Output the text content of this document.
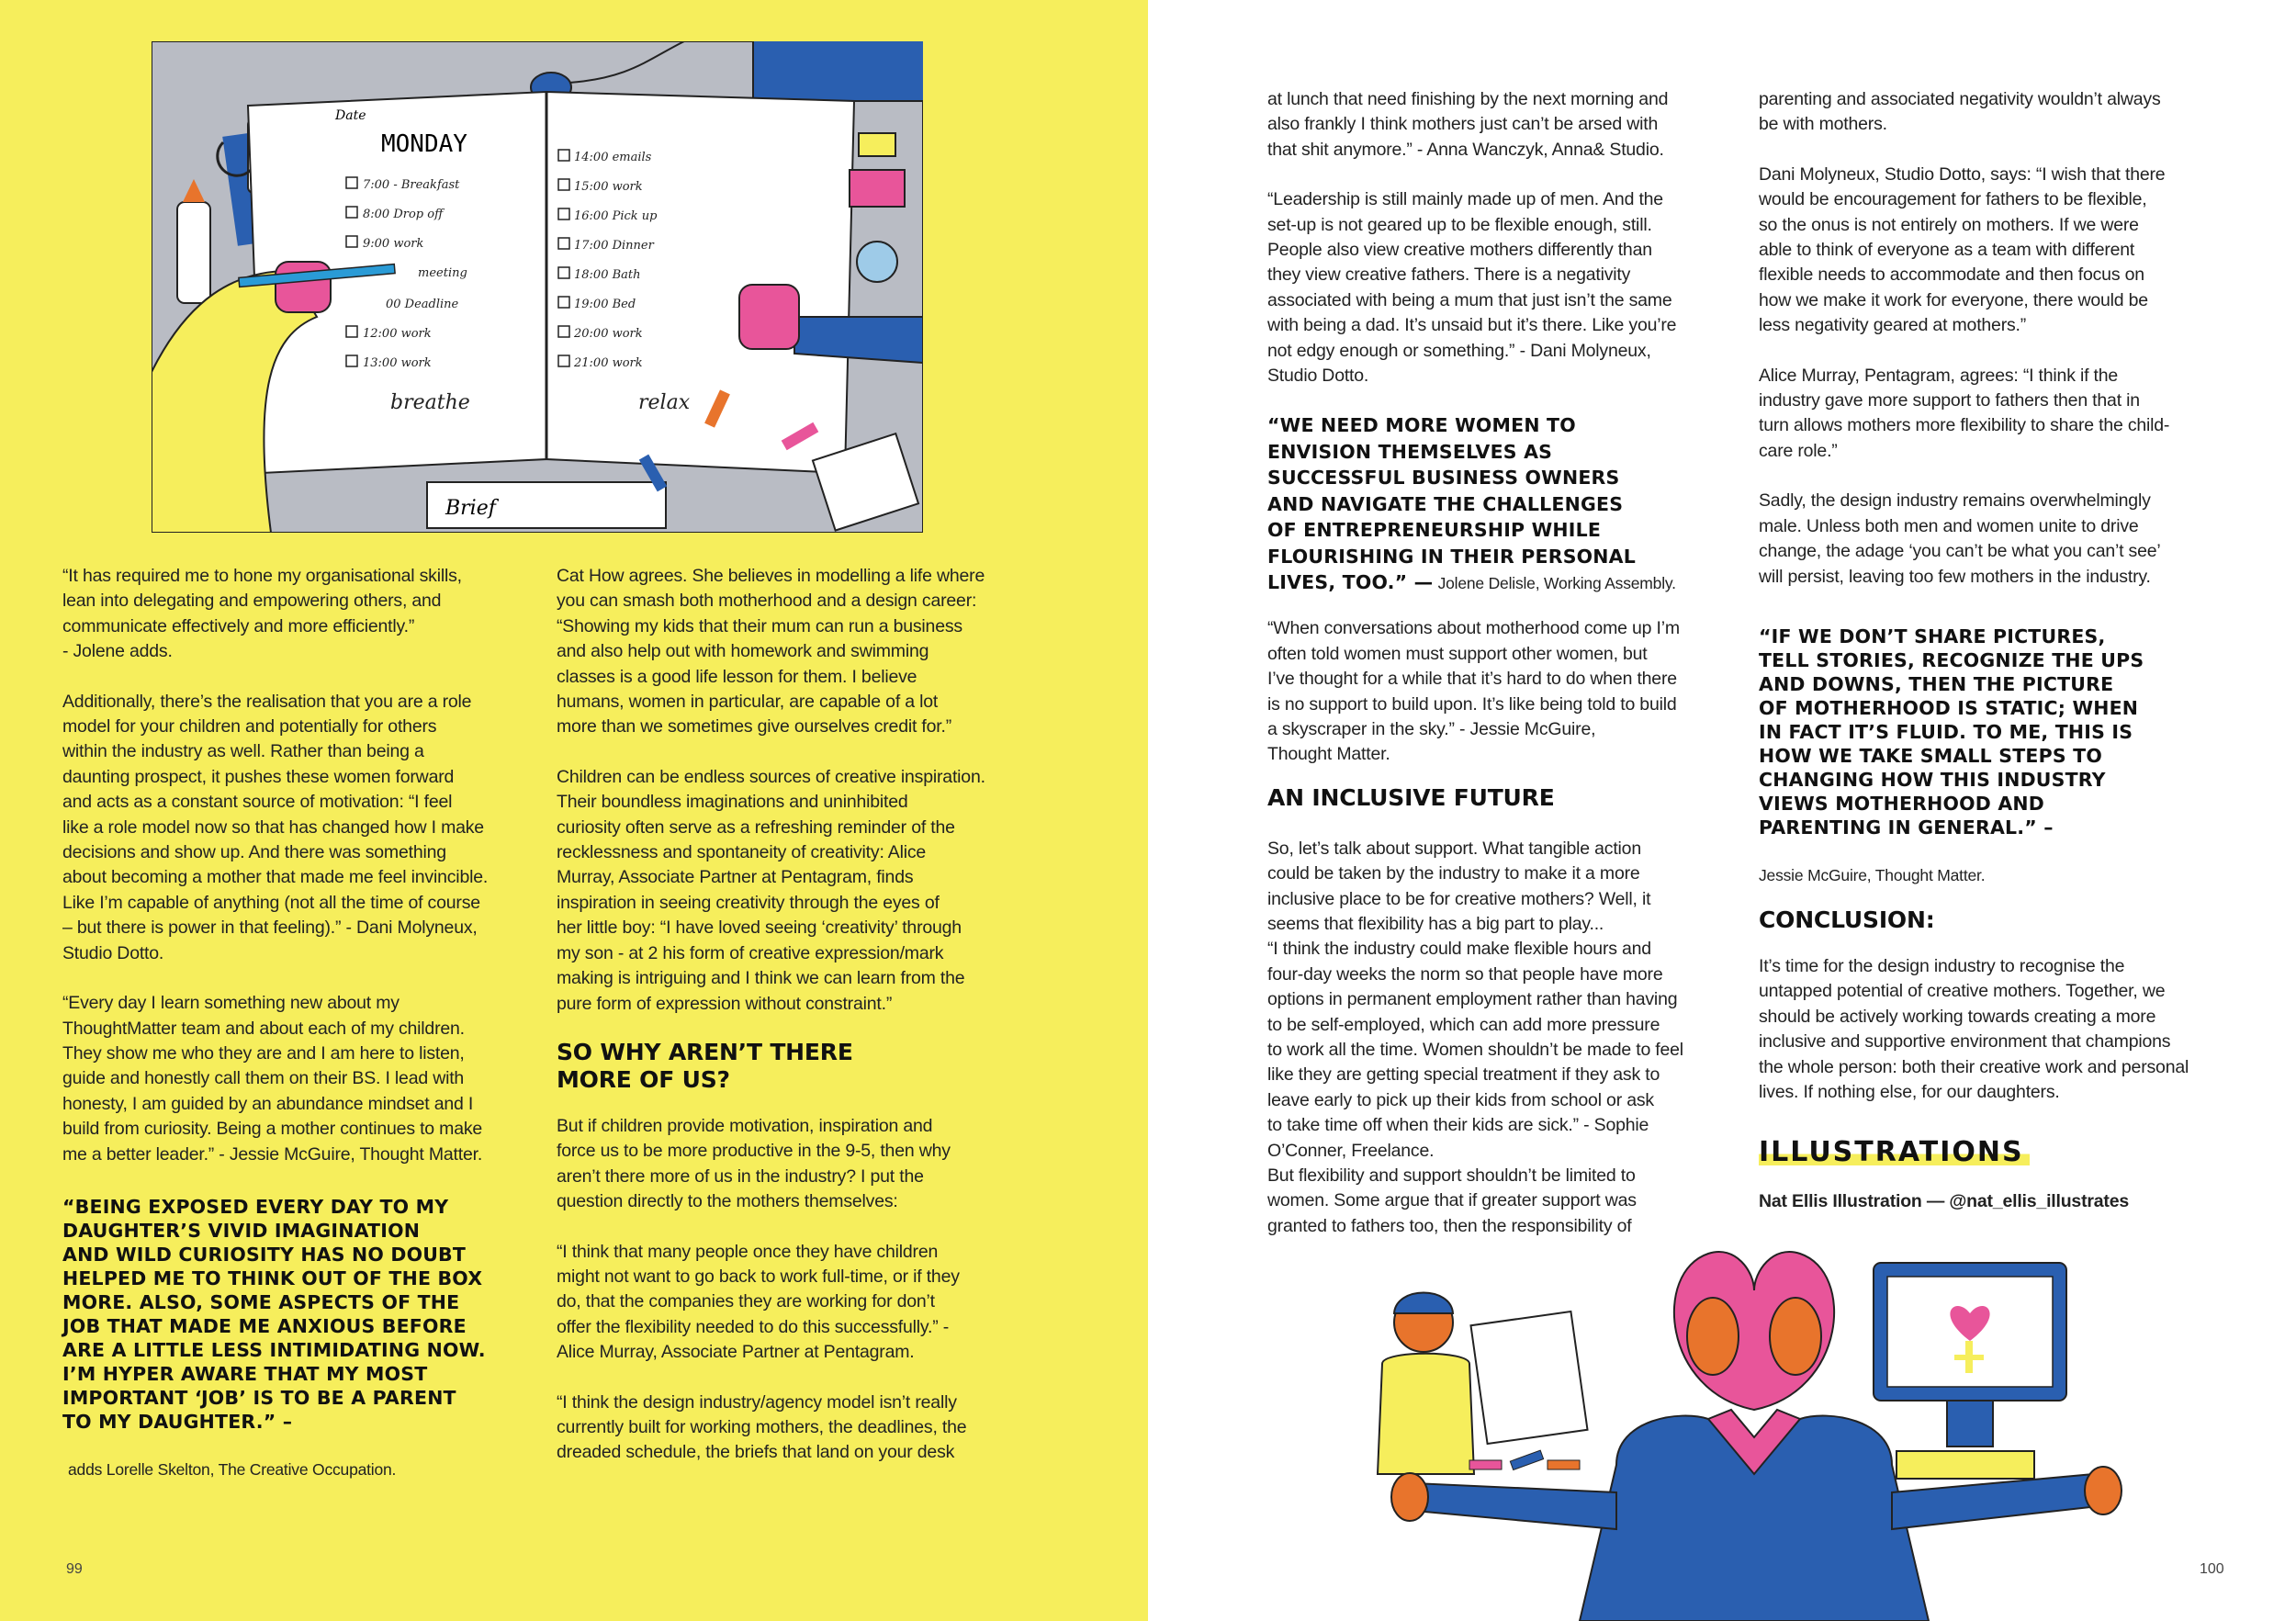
Date
MONDAY
7:00 - Breakfast
8:00 Drop off
9:00 work
meeting
00 Deadline
12:00 work
13:00 work
breathe
14:00 emails
15:00 work
16:00 Pick up
17:00 Dinner
18:00 Bath
19:00 Bed
20:00 work
21:00 work
relax
Brief

“It has required me to hone my organisational skills,
lean into delegating and empowering others, and
communicate effectively and more efficiently.”
- Jolene adds.

Additionally, there’s the realisation that you are a role
model for your children and potentially for others
within the industry as well. Rather than being a
daunting prospect, it pushes these women forward
and acts as a constant source of motivation: “I feel
like a role model now so that has changed how I make
decisions and show up. And there was something
about becoming a mother that made me feel invincible.
Like I’m capable of anything (not all the time of course
– but there is power in that feeling).” - Dani Molyneux,
Studio Dotto.

“Every day I learn something new about my
ThoughtMatter team and about each of my children.
They show me who they are and I am here to listen,
guide and honestly call them on their BS. I lead with
honesty, I am guided by an abundance mindset and I
build from curiosity. Being a mother continues to make
me a better leader.” - Jessie McGuire, Thought Matter.

“BEING EXPOSED EVERY DAY TO MY
DAUGHTER’S VIVID IMAGINATION
AND WILD CURIOSITY HAS NO DOUBT
HELPED ME TO THINK OUT OF THE BOX
MORE. ALSO, SOME ASPECTS OF THE
JOB THAT MADE ME ANXIOUS BEFORE
ARE A LITTLE LESS INTIMIDATING NOW.
I’M HYPER AWARE THAT MY MOST
IMPORTANT ‘JOB’ IS TO BE A PARENT
TO MY DAUGHTER.” –

adds Lorelle Skelton, The Creative Occupation.

Cat How agrees. She believes in modelling a life where
you can smash both motherhood and a design career:
“Showing my kids that their mum can run a business
and also help out with homework and swimming
classes is a good life lesson for them. I believe
humans, women in particular, are capable of a lot
more than we sometimes give ourselves credit for.”

Children can be endless sources of creative inspiration.
Their boundless imaginations and uninhibited
curiosity often serve as a refreshing reminder of the
recklessness and spontaneity of creativity: Alice
Murray, Associate Partner at Pentagram, finds
inspiration in seeing creativity through the eyes of
her little boy: “I have loved seeing ‘creativity’ through
my son - at 2 his form of creative expression/mark
making is intriguing and I think we can learn from the
pure form of expression without constraint.”

SO WHY AREN’T THERE
MORE OF US?

But if children provide motivation, inspiration and
force us to be more productive in the 9-5, then why
aren’t there more of us in the industry? I put the
question directly to the mothers themselves:

“I think that many people once they have children
might not want to go back to work full-time, or if they
do, that the companies they are working for don’t
offer the flexibility needed to do this successfully.” -
Alice Murray, Associate Partner at Pentagram.

“I think the design industry/agency model isn’t really
currently built for working mothers, the deadlines, the
dreaded schedule, the briefs that land on your desk

99

at lunch that need finishing by the next morning and
also frankly I think mothers just can’t be arsed with
that shit anymore.” - Anna Wanczyk, Anna& Studio.

“Leadership is still mainly made up of men. And the
set-up is not geared up to be flexible enough, still.
People also view creative mothers differently than
they view creative fathers. There is a negativity
associated with being a mum that just isn’t the same
with being a dad. It’s unsaid but it’s there. Like you’re
not edgy enough or something.” - Dani Molyneux,
Studio Dotto.

“WE NEED MORE WOMEN TO
ENVISION THEMSELVES AS
SUCCESSFUL BUSINESS OWNERS
AND NAVIGATE THE CHALLENGES
OF ENTREPRENEURSHIP WHILE
FLOURISHING IN THEIR PERSONAL
LIVES, TOO.” — Jolene Delisle, Working Assembly.

“When conversations about motherhood come up I’m
often told women must support other women, but
I’ve thought for a while that it’s hard to do when there
is no support to build upon. It’s like being told to build
a skyscraper in the sky.” - Jessie McGuire,
Thought Matter.

AN INCLUSIVE FUTURE

So, let’s talk about support. What tangible action
could be taken by the industry to make it a more
inclusive place to be for creative mothers? Well, it
seems that flexibility has a big part to play...
“I think the industry could make flexible hours and
four-day weeks the norm so that people have more
options in permanent employment rather than having
to be self-employed, which can add more pressure
to work all the time. Women shouldn’t be made to feel
like they are getting special treatment if they ask to
leave early to pick up their kids from school or ask
to take time off when their kids are sick.” - Sophie
O’Conner, Freelance.
But flexibility and support shouldn’t be limited to
women. Some argue that if greater support was
granted to fathers too, then the responsibility of

parenting and associated negativity wouldn’t always
be with mothers.

Dani Molyneux, Studio Dotto, says: “I wish that there
would be encouragement for fathers to be flexible,
so the onus is not entirely on mothers. If we were
able to think of everyone as a team with different
flexible needs to accommodate and then focus on
how we make it work for everyone, there would be
less negativity geared at mothers.”

Alice Murray, Pentagram, agrees: “I think if the
industry gave more support to fathers then that in
turn allows mothers more flexibility to share the child-
care role.”

Sadly, the design industry remains overwhelmingly
male. Unless both men and women unite to drive
change, the adage ‘you can’t be what you can’t see’
will persist, leaving too few mothers in the industry.

“IF WE DON’T SHARE PICTURES,
TELL STORIES, RECOGNIZE THE UPS
AND DOWNS, THEN THE PICTURE
OF MOTHERHOOD IS STATIC; WHEN
IN FACT IT’S FLUID. TO ME, THIS IS
HOW WE TAKE SMALL STEPS TO
CHANGING HOW THIS INDUSTRY
VIEWS MOTHERHOOD AND
PARENTING IN GENERAL.” –

Jessie McGuire, Thought Matter.

CONCLUSION:

It’s time for the design industry to recognise the
untapped potential of creative mothers. Together, we
should be actively working towards creating a more
inclusive and supportive environment that champions
the whole person: both their creative work and personal
lives. If nothing else, for our daughters.

ILLUSTRATIONS
Nat Ellis Illustration — @nat_ellis_illustrates
100
